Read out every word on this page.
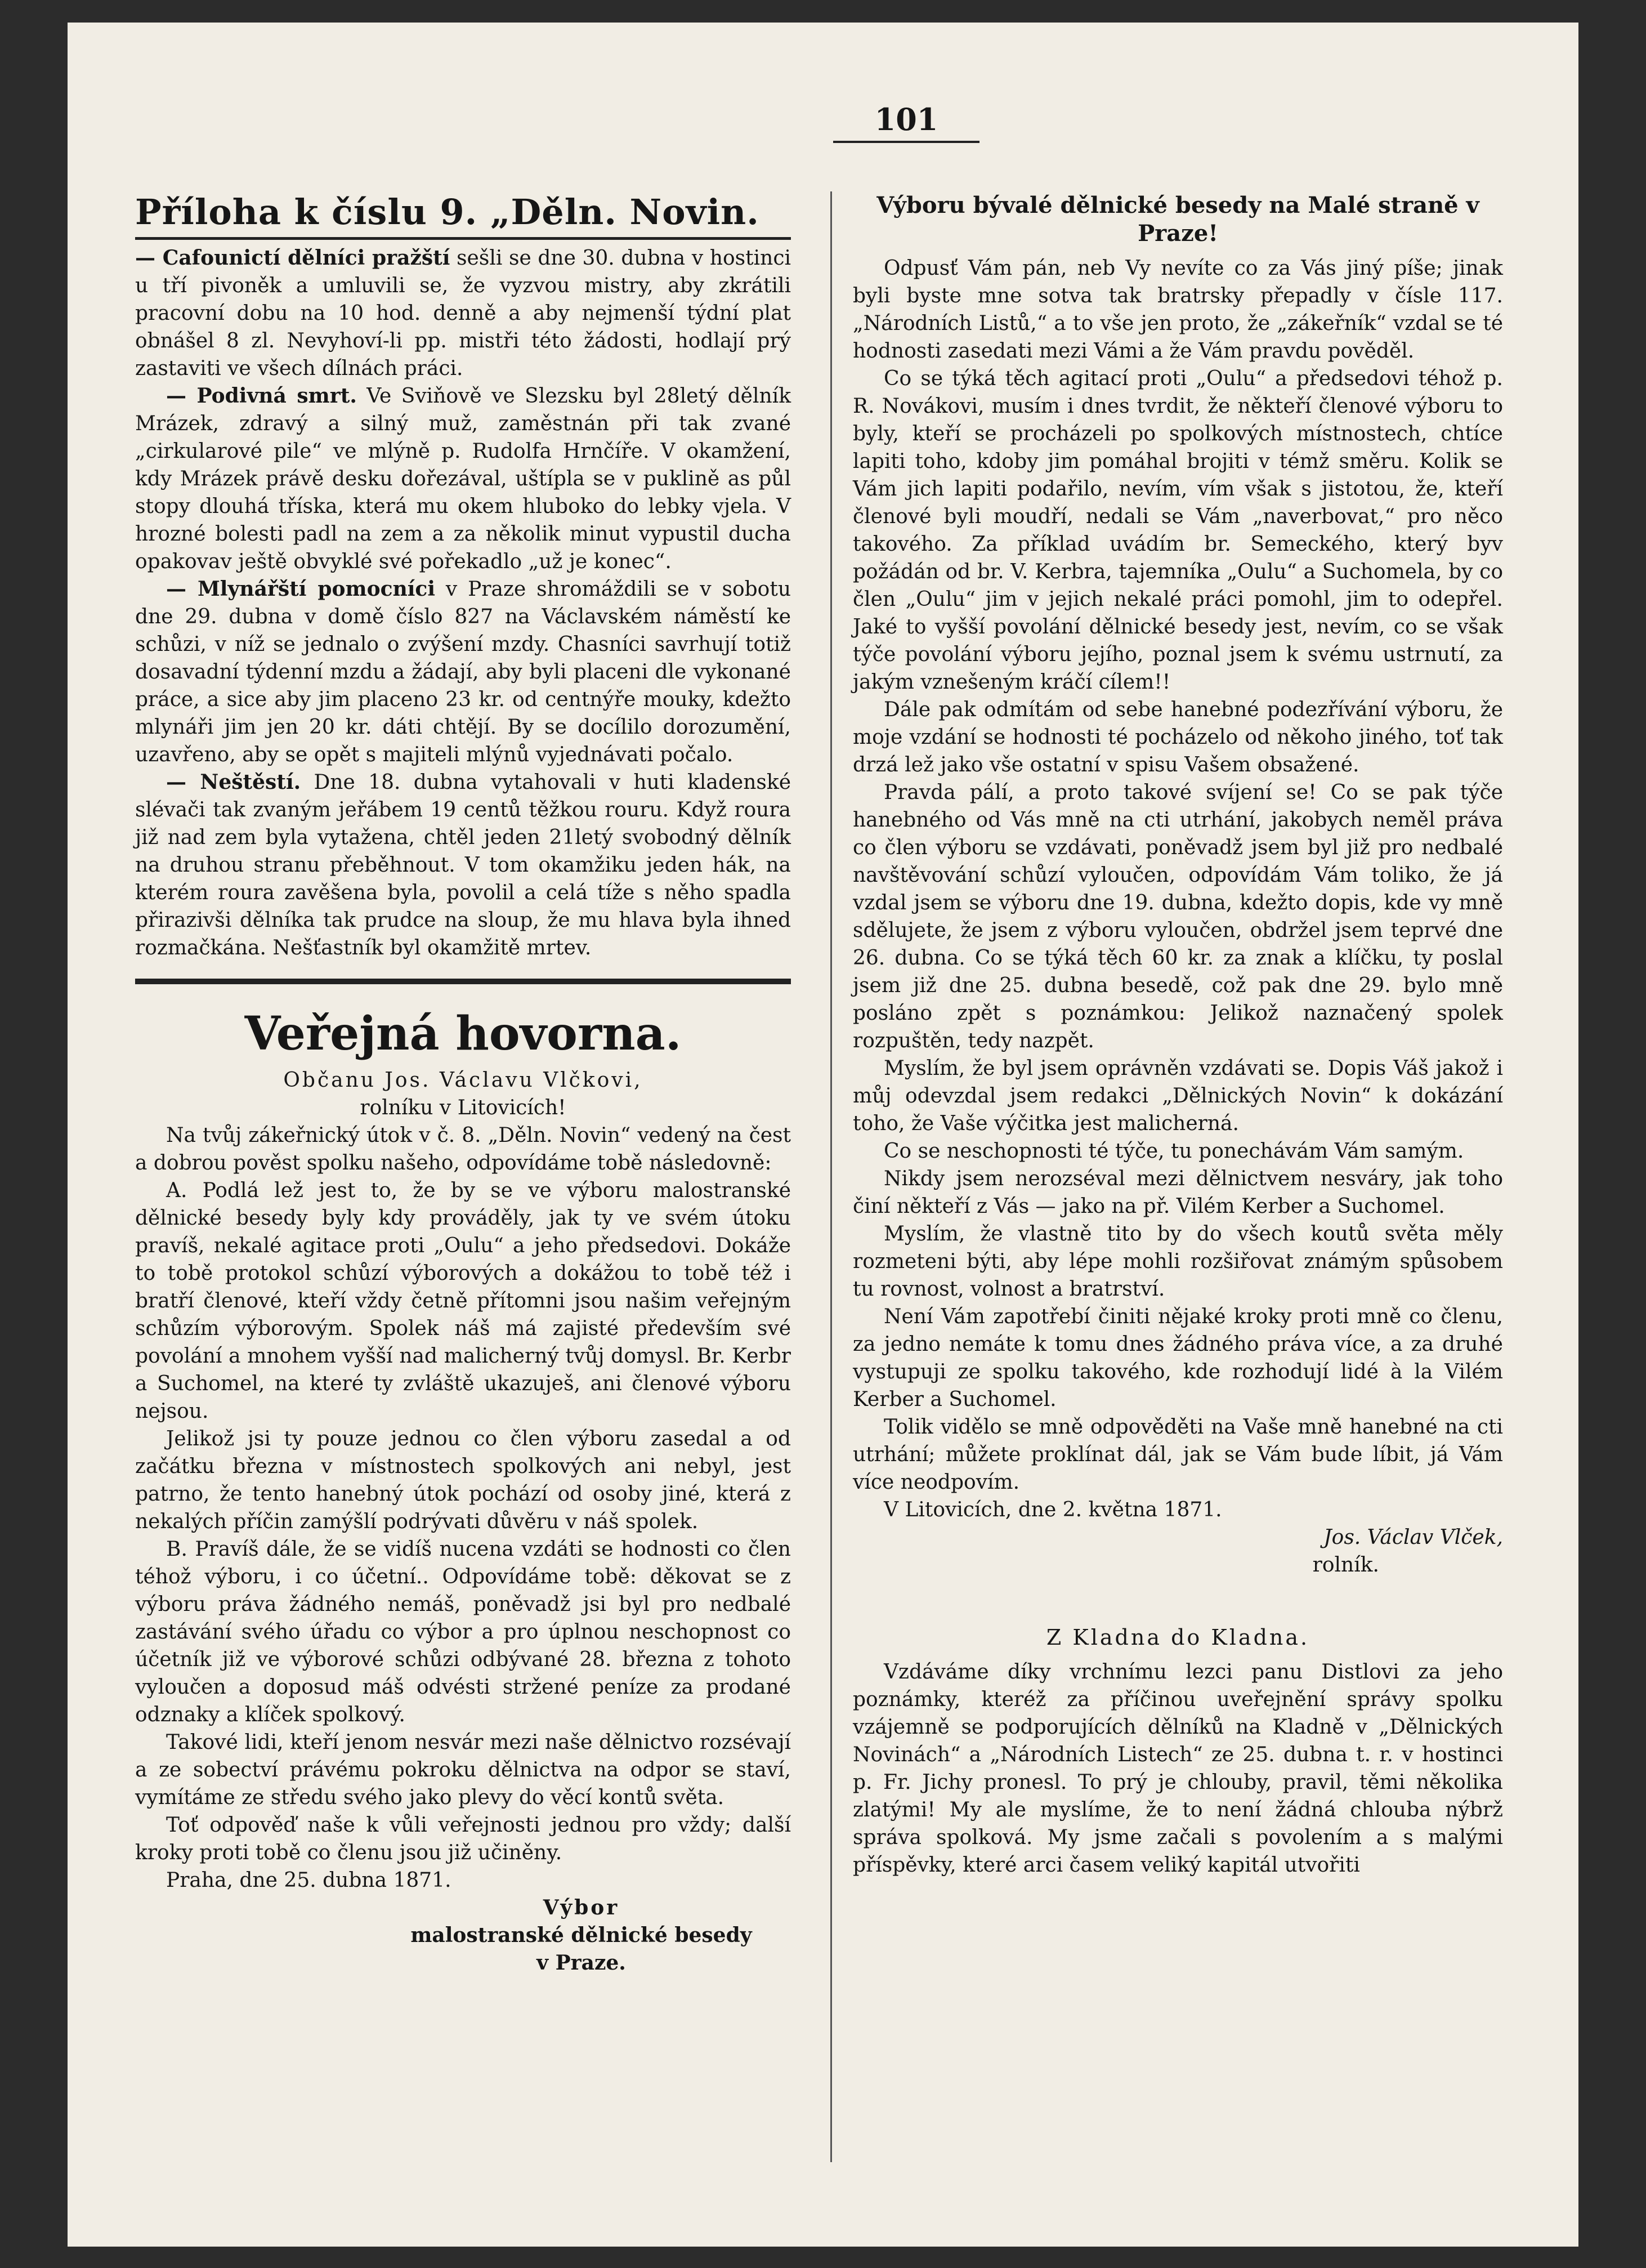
101
Příloha k číslu 9. „Děln. Novin.

— Cafounictí dělníci pražští sešli se dne 30. dubna v hostinci u tří pivoněk a umluvili se, že vyzvou mistry, aby zkrátili pracovní dobu na 10 hod. denně a aby nejmenší týdní plat obnášel 8 zl. Nevyhoví-li pp. mistři této žádosti, hodlají prý zastaviti ve všech dílnách práci.

— Podivná smrt. Ve Sviňově ve Slezsku byl 28letý dělník Mrázek, zdravý a silný muž, zaměstnán při tak zvané „cirkularové pile“ ve mlýně p. Rudolfa Hrnčíře. V okamžení, kdy Mrázek právě desku dořezával, uštípla se v puklině as půl stopy dlouhá tříska, která mu okem hluboko do lebky vjela. V hrozné bolesti padl na zem a za několik minut vypustil ducha opakovav ještě obvyklé své pořekadlo „už je konec“.

— Mlynářští pomocníci v Praze shromáždili se v sobotu dne 29. dubna v domě číslo 827 na Václavském náměstí ke schůzi, v níž se jednalo o zvýšení mzdy. Chasníci savrhují totiž dosavadní týdenní mzdu a žádají, aby byli placeni dle vykonané práce, a sice aby jim placeno 23 kr. od centnýře mouky, kdežto mlynáři jim jen 20 kr. dáti chtějí. By se docílilo dorozumění, uzavřeno, aby se opět s majiteli mlýnů vyjednávati počalo.

— Neštěstí. Dne 18. dubna vytahovali v huti kladenské slévači tak zvaným jeřábem 19 centů těžkou rouru. Když roura již nad zem byla vytažena, chtěl jeden 21letý svobodný dělník na druhou stranu přeběhnout. V tom okamžiku jeden hák, na kterém roura zavěšena byla, povolil a celá tíže s něho spadla přirazivši dělníka tak prudce na sloup, že mu hlava byla ihned rozmačkána. Nešťastník byl okamžitě mrtev.

Veřejná hovorna.

Občanu Jos. Václavu Vlčkovi,

rolníku v Litovicích!

Na tvůj zákeřnický útok v č. 8. „Děln. Novin“ vedený na čest a dobrou pověst spolku našeho, odpovídáme tobě následovně:

A. Podlá lež jest to, že by se ve výboru malostranské dělnické besedy byly kdy prováděly, jak ty ve svém útoku pravíš, nekalé agitace proti „Oulu“ a jeho předsedovi. Dokáže to tobě protokol schůzí výborových a dokážou to tobě též i bratří členové, kteří vždy četně přítomni jsou našim veřejným schůzím výborovým. Spolek náš má zajisté především své povolání a mnohem vyšší nad malicherný tvůj domysl. Br. Kerbr a Suchomel, na které ty zvláště ukazuješ, ani členové výboru nejsou.

Jelikož jsi ty pouze jednou co člen výboru zasedal a od začátku března v místnostech spolkových ani nebyl, jest patrno, že tento hanebný útok pochází od osoby jiné, která z nekalých příčin zamýšlí podrývati důvěru v náš spolek.

B. Pravíš dále, že se vidíš nucena vzdáti se hodnosti co člen téhož výboru, i co účetní.. Odpovídáme tobě: děkovat se z výboru práva žádného nemáš, poněvadž jsi byl pro nedbalé zastávání svého úřadu co výbor a pro úplnou neschopnost co účetník již ve výborové schůzi odbývané 28. března z tohoto vyloučen a doposud máš odvésti stržené peníze za prodané odznaky a klíček spolkový.

Takové lidi, kteří jenom nesvár mezi naše dělnictvo rozsévají a ze sobectví právému pokroku dělnictva na odpor se staví, vymítáme ze středu svého jako plevy do věcí kontů světa.

Toť odpověď naše k vůli veřejnosti jednou pro vždy; další kroky proti tobě co členu jsou již učiněny.

Praha, dne 25. dubna 1871.

Výbor

malostranské dělnické besedy

v Praze.

Výboru bývalé dělnické besedy na Malé straně v Praze!

Odpusť Vám pán, neb Vy nevíte co za Vás jiný píše; jinak byli byste mne sotva tak bratrsky přepadly v čísle 117. „Národních Listů,“ a to vše jen proto, že „zákeřník“ vzdal se té hodnosti zasedati mezi Vámi a že Vám pravdu pověděl.

Co se týká těch agitací proti „Oulu“ a předsedovi téhož p. R. Novákovi, musím i dnes tvrdit, že někteří členové výboru to byly, kteří se procházeli po spolkových místnostech, chtíce lapiti toho, kdoby jim pomáhal brojiti v témž směru. Kolik se Vám jich lapiti podařilo, nevím, vím však s jistotou, že, kteří členové byli moudří, nedali se Vám „naverbovat,“ pro něco takového. Za příklad uvádím br. Semeckého, který byv požádán od br. V. Kerbra, tajemníka „Oulu“ a Suchomela, by co člen „Oulu“ jim v jejich nekalé práci pomohl, jim to odepřel. Jaké to vyšší povolání dělnické besedy jest, nevím, co se však týče povolání výboru jejího, poznal jsem k svému ustrnutí, za jakým vznešeným kráčí cílem!!

Dále pak odmítám od sebe hanebné podezřívání výboru, že moje vzdání se hodnosti té pocházelo od někoho jiného, toť tak drzá lež jako vše ostatní v spisu Vašem obsažené.

Pravda pálí, a proto takové svíjení se! Co se pak týče hanebného od Vás mně na cti utrhání, jakobych neměl práva co člen výboru se vzdávati, poněvadž jsem byl již pro nedbalé navštěvování schůzí vyloučen, odpovídám Vám toliko, že já vzdal jsem se výboru dne 19. dubna, kdežto dopis, kde vy mně sdělujete, že jsem z výboru vyloučen, obdržel jsem teprvé dne 26. dubna. Co se týká těch 60 kr. za znak a klíčku, ty poslal jsem již dne 25. dubna besedě, což pak dne 29. bylo mně posláno zpět s poznámkou: Jelikož naznačený spolek rozpuštěn, tedy nazpět.

Myslím, že byl jsem oprávněn vzdávati se. Dopis Váš jakož i můj odevzdal jsem redakci „Dělnických Novin“ k dokázání toho, že Vaše výčitka jest malicherná.

Co se neschopnosti té týče, tu ponechávám Vám samým.

Nikdy jsem nerozséval mezi dělnictvem nesváry, jak toho činí někteří z Vás — jako na př. Vilém Kerber a Suchomel.

Myslím, že vlastně tito by do všech koutů světa měly rozmeteni býti, aby lépe mohli rozšiřovat známým spůsobem tu rovnost, volnost a bratrství.

Není Vám zapotřebí činiti nějaké kroky proti mně co členu, za jedno nemáte k tomu dnes žádného práva více, a za druhé vystupuji ze spolku takového, kde rozhodují lidé à la Vilém Kerber a Suchomel.

Tolik vidělo se mně odpověděti na Vaše mně hanebné na cti utrhání; můžete proklínat dál, jak se Vám bude líbit, já Vám více neodpovím.

V Litovicích, dne 2. května 1871.

Jos. Václav Vlček,

rolník.

Z Kladna do Kladna.

Vzdáváme díky vrchnímu lezci panu Distlovi za jeho poznámky, kteréž za příčinou uveřejnění správy spolku vzájemně se podporujících dělníků na Kladně v „Dělnických Novinách“ a „Národních Listech“ ze 25. dubna t. r. v hostinci p. Fr. Jichy pronesl. To prý je chlouby, pravil, těmi několika zlatými! My ale myslíme, že to není žádná chlouba nýbrž správa spolková. My jsme začali s povolením a s malými příspěvky, které arci časem veliký kapitál utvořiti
